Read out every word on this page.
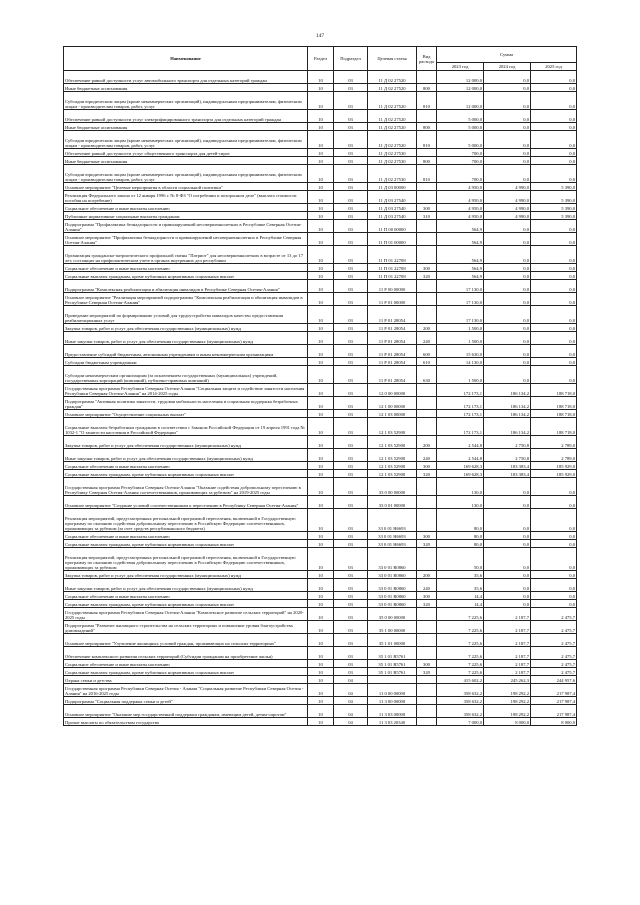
147
Наименование	Раздел	Подраздел	Целевая статья	Вид расхода	Сумма		
					2023 год	2024 год	2025 год
Обеспечение равной доступности услуг автомобильного транспорта для отдельных категорий граждан	10	03	11 Д 02 27520		12 000,0	0,0	0,0
Иные бюджетные ассигнования	10	03	11 Д 02 27520	800	12 000,0	0,0	0,0
Субсидии юридическим лицам (кроме некоммерческих организаций), индивидуальным предпринимателям, физическим лицам - производителям товаров, работ, услуг	10	03	11 Д 02 27520	810	12 000,0	0,0	0,0
Обеспечение равной доступности услуг электрифицированного транспорта для отдельных категорий граждан	10	03	11 Д 02 27520		5 000,0	0,0	0,0
Иные бюджетные ассигнования	10	03	11 Д 02 27520	800	5 000,0	0,0	0,0
Субсидии юридическим лицам (кроме некоммерческих организаций), индивидуальным предпринимателям, физическим лицам - производителям товаров, работ, услуг	10	03	11 Д 02 27520	810	5 000,0	0,0	0,0
Обеспечение равной доступности услуг общественного транспорта для детей-сирот	10	03	11 Д 02 27530		700,0	0,0	0,0
Иные бюджетные ассигнования	10	03	11 Д 02 27530	800	700,0	0,0	0,0
Субсидии юридическим лицам (кроме некоммерческих организаций), индивидуальным предпринимателям, физическим лицам - производителям товаров, работ, услуг	10	03	11 Д 02 27530	810	700,0	0,0	0,0
Основное мероприятие "Целевые мероприятия в области социальной политики"	10	03	11 Д 03 00000		4 950,0	4 990,0	5 390,0
Реализация Федерального закона от 12 января 1996 г. № 8-ФЗ "О погребении и похоронном деле" (выплата стоимости пособия на погребение)	10	03	11 Д 03 27540		4 950,0	4 990,0	5 390,0
Социальное обеспечение и иные выплаты населению	10	03	11 Д 03 27540	300	4 950,0	4 990,0	5 390,0
Публичные нормативные социальные выплаты гражданам	10	03	11 Д 03 27540	310	4 950,0	4 990,0	5 390,0
Подпрограмма "Профилактика безнадзорности и правонарушений несовершеннолетних в Республике Северная Осетия-Алания"	10	03	11 П 00 00000		564,9	0,0	0,0
Основное мероприятие "Профилактика безнадзорности и правонарушений несовершеннолетних в Республике Северная Осетия-Алания"	10	03	11 П 01 00000		564,9	0,0	0,0
Организация гражданско-патриотического профильной смены "Патриот" для несовершеннолетних в возрасте от 13 до 17 лет, состоящих на профилактическом учете в органах внутренних дел республики	10	03	11 П 01 22708		564,9	0,0	0,0
Социальное обеспечение и иные выплаты населению	10	03	11 П 01 22708	300	564,9	0,0	0,0
Социальные выплаты гражданам, кроме публичных нормативных социальных выплат	10	03	11 П 01 22708	320	564,9	0,0	0,0
Подпрограмма "Комплексная реабилитация и абилитация инвалидов в Республике Северная Осетия-Алания"	10	03	11 Р 00 00000		17 130,0	0,0	0,0
Основное мероприятие "Реализация мероприятий подпрограммы "Комплексная реабилитация и абилитация инвалидов в Республике Северная Осетия-Алания"	10	03	11 Р 01 00000		17 130,0	0,0	0,0
Проведение мероприятий по формированию условий для трудоустройства инвалидов качество предоставления реабилитационных услуг	10	03	11 Р 01 28054		17 130,0	0,0	0,0
Закупка товаров, работ и услуг для обеспечения государственных (муниципальных) нужд	10	03	11 Р 01 28054	200	1 500,0	0,0	0,0
Иные закупки товаров, работ и услуг для обеспечения государственных (муниципальных) нужд	10	03	11 Р 01 28054	240	1 500,0	0,0	0,0
Предоставление субсидий бюджетным, автономным учреждениям и иным некоммерческим организациям	10	03	11 Р 01 28054	600	15 630,0	0,0	0,0
Субсидии бюджетным учреждениям	10	03	11 Р 01 28054	610	14 130,0	0,0	0,0
Субсидии некоммерческим организациям (за исключением государственных (муниципальных) учреждений, государственных корпораций (компаний), публично-правовых компаний)	10	03	11 Р 01 28054	630	1 500,0	0,0	0,0
Государственная программа Республики Северная Осетия-Алания "Социальная защита и содействие занятости населения Республики Северная Осетия-Алания" на 2014-2025 годы	10	03	12 0 00 00000		172 173,1	186 134,2	188 718,0
Подпрограмма "Активная политика занятости, трудовая мобильность населения и социальная поддержка безработных граждан"	10	03	12 1 00 00000		172 173,1	186 134,2	188 718,0
Основное мероприятие "Осуществление социальных выплат"	10	03	12 1 03 00000		172 173,1	186 134,2	188 718,0
Социальные выплаты безработным гражданам в соответствии с Законом Российской Федерации от 19 апреля 1991 года № 1032-1 "О занятости населения в Российской Федерации"	10	03	12 1 03 52900		172 173,1	186 134,2	188 718,0
Закупка товаров, работ и услуг для обеспечения государственных (муниципальных) нужд	10	03	12 1 03 52900	200	2 544,8	2 750,8	2 789,0
Иные закупки товаров, работ и услуг для обеспечения государственных (муниципальных) нужд	10	03	12 1 03 52900	240	2 544,8	2 750,8	2 789,0
Социальное обеспечение и иные выплаты населению	10	03	12 1 03 52900	300	169 628,3	183 383,4	185 929,0
Социальные выплаты гражданам, кроме публичных нормативных социальных выплат	10	03	12 1 03 52900	320	169 628,3	183 383,4	185 929,0
Государственная программа Республики Северная Осетия-Алания "Оказание содействия добровольному переселению в Республику Северная Осетия-Алания соотечественников, проживающих за рубежом" на 2019-2025 годы	10	03	33 0 00 00000		130,0	0,0	0,0
Основное мероприятие "Создание условий соотечественникам к переселению в Республику Северная Осетия-Алания"	10	03	33 0 01 00000		130,0	0,0	0,0
Реализация мероприятий, предусмотренных региональной программой переселения, включенной в Государственную программу по оказанию содействия добровольному переселению в Российскую Федерацию соотечественников, проживающих за рубежом (за счет средств республиканского бюджета)	10	03	33 0 01 Н6693		80,0	0,0	0,0
Социальное обеспечение и иные выплаты населению	10	03	33 0 01 Н6693	300	80,0	0,0	0,0
Социальные выплаты гражданам, кроме публичных нормативных социальных выплат	10	03	33 0 01 Н6693	320	80,0	0,0	0,0
Реализация мероприятий, предусмотренных региональной программой переселения, включенной в Государственную программу по оказанию содействия добровольному переселению в Российскую Федерацию соотечественников, проживающих за рубежом	10	03	33 0 01 R0860		50,0	0,0	0,0
Закупка товаров, работ и услуг для обеспечения государственных (муниципальных) нужд	10	03	33 0 01 R0860	200	35,6	0,0	0,0
Иные закупки товаров, работ и услуг для обеспечения государственных (муниципальных) нужд	10	03	33 0 01 R0860	240	35,6	0,0	0,0
Социальное обеспечение и иные выплаты населению	10	03	33 0 01 R0860	300	14,4	0,0	0,0
Социальные выплаты гражданам, кроме публичных нормативных социальных выплат	10	03	33 0 01 R0860	320	14,4	0,0	0,0
Государственная программа Республики Северная Осетия-Алания "Комплексное развитие сельских территорий" на 2020-2025 годы	10	03	35 0 00 00000		7 225,6	2 187,7	2 475,7
Подпрограмма "Развитие жилищного строительства на сельских территориях и повышение уровня благоустройства домовладений"	10	03	35 1 00 00000		7 225,6	2 187,7	2 475,7
Основное мероприятие "Улучшение жилищных условий граждан, проживающих на сельских территориях"	10	03	35 1 01 00000		7 225,6	2 187,7	2 475,7
Обеспечение комплексного развития сельских территорий (Субсидии гражданам на приобретение жилья)	10	03	35 1 01 R5761		7 225,6	2 187,7	2 475,7
Социальное обеспечение и иные выплаты населению	10	03	35 1 01 R5761	300	7 225,6	2 187,7	2 475,7
Социальные выплаты гражданам, кроме публичных нормативных социальных выплат	10	03	35 1 01 R5761	320	7 225,6	2 187,7	2 475,7
Охрана семьи и детства	10	04			415 602,2	245 262,3	244 957,6
Государственная программа Республики Северная Осетия - Алания "Социальная развитие Республики Северная Осетия - Алания" на 2016-2025 годы	10	04	11 0 00 00000		358 632,2	198 292,2	217 987,4
Подпрограмма "Социальная поддержка семьи и детей"	10	04	11 3 00 00000		358 632,2	198 292,2	217 987,4
Основное мероприятие "Оказание мер государственной поддержки гражданам, имеющим детей, детям-сиротам"	10	04	11 3 03 00000		358 632,2	198 292,2	217 987,4
Прочие выплаты по обязательствам государства	10	04	11 3 03 20340		7 000,0	8 000,0	8 000,0
